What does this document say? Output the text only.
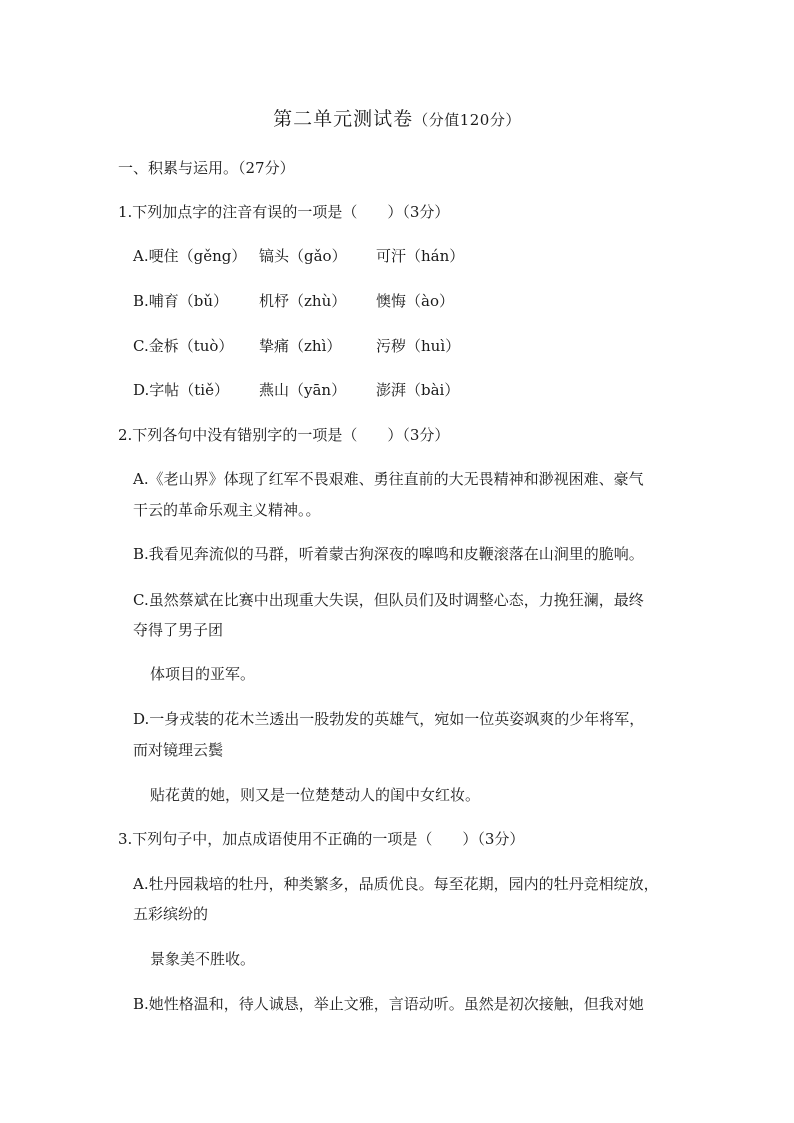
第二单元测试卷（分值120分）
一、积累与运用。（27分）
1.下列加点字的注音有误的一项是（　　）（3分）
A.哽住（gěng） 镐头（gǎo） 可汗（hán）
B.哺育（bǔ） 机杼（zhù） 懊悔（ào）
C.金柝（tuò） 挚痛（zhì） 污秽（huì）
D.字帖（tiě） 燕山（yān） 澎湃（bài）
2.下列各句中没有错别字的一项是（　　）（3分）
A.《老山界》体现了红军不畏艰难、勇往直前的大无畏精神和渺视困难、豪气
干云的革命乐观主义精神。。
B.我看见奔流似的马群，听着蒙古狗深夜的嗥鸣和皮鞭滚落在山涧里的脆响。
C.虽然蔡斌在比赛中出现重大失误，但队员们及时调整心态，力挽狂澜，最终
夺得了男子团
体项目的亚军。
D.一身戎装的花木兰透出一股勃发的英雄气，宛如一位英姿飒爽的少年将军，
而对镜理云鬓
贴花黄的她，则又是一位楚楚动人的闺中女红妆。
3.下列句子中，加点成语使用不正确的一项是（　　）（3分）
A.牡丹园栽培的牡丹，种类繁多，品质优良。每至花期，园内的牡丹竞相绽放，
五彩缤纷的
景象美不胜收。
B.她性格温和，待人诚恳，举止文雅，言语动听。虽然是初次接触，但我对她
